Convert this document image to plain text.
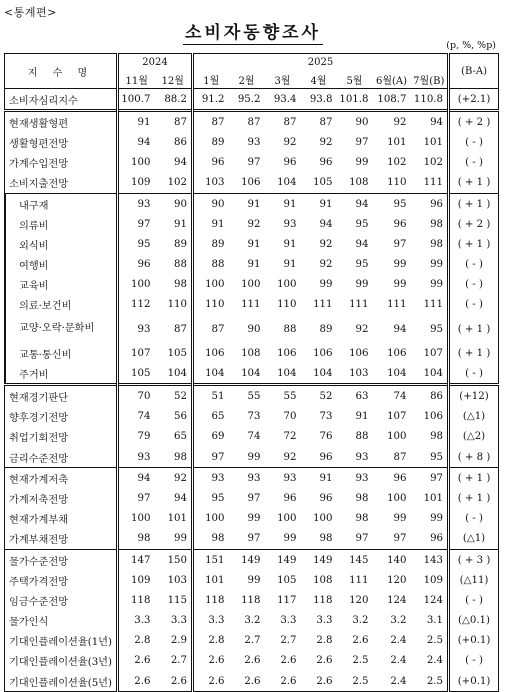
<통계편>
소비자동향조사
(p, %, %p)
지 수 명	2024		2025							(B-A)
	11월	12월	1월	2월	3월	4월	5월	6월(A)	7월(B)	
소비자심리지수	100.7	88.2	91.2	95.2	93.4	93.8	101.8	108.7	110.8	(+2.1)
현재생활형편	91	87	87	87	87	87	90	92	94	( + 2 )
생활형편전망	94	86	89	93	92	92	97	101	101	( - )
가계수입전망	100	94	96	97	96	96	99	102	102	( - )
소비지출전망	109	102	103	106	104	105	108	110	111	( + 1 )
내구재	93	90	90	91	91	91	94	95	96	( + 1 )
의류비	97	91	91	92	93	94	95	96	98	( + 2 )
외식비	95	89	89	91	91	92	94	97	98	( + 1 )
여행비	96	88	88	91	91	92	95	99	99	( - )
교육비	100	98	100	100	100	99	99	99	99	( - )
의료·보건비	112	110	110	111	110	111	111	111	111	( - )
교양·오락·문화비	93	87	87	90	88	89	92	94	95	( + 1 )
교통·통신비	107	105	106	108	106	106	106	106	107	( + 1 )
주거비	105	104	104	104	104	104	103	104	104	( - )
현재경기판단	70	52	51	55	55	52	63	74	86	(+12)
향후경기전망	74	56	65	73	70	73	91	107	106	(△1)
취업기회전망	79	65	69	74	72	76	88	100	98	(△2)
금리수준전망	93	98	97	99	92	96	93	87	95	( + 8 )
현재가계저축	94	92	93	93	93	91	93	96	97	( + 1 )
가계저축전망	97	94	95	97	96	96	98	100	101	( + 1 )
현재가계부채	100	101	100	99	100	100	98	99	99	( - )
가계부채전망	98	99	98	97	99	98	97	97	96	(△1)
물가수준전망	147	150	151	149	149	149	145	140	143	( + 3 )
주택가격전망	109	103	101	99	105	108	111	120	109	(△11)
임금수준전망	118	115	118	118	117	118	120	124	124	( - )
물가인식	3.3	3.3	3.3	3.2	3.3	3.3	3.2	3.2	3.1	(△0.1)
기대인플레이션율(1년)	2.8	2.9	2.8	2.7	2.7	2.8	2.6	2.4	2.5	(+0.1)
기대인플레이션율(3년)	2.6	2.7	2.6	2.6	2.6	2.6	2.5	2.4	2.4	( - )
기대인플레이션율(5년)	2.6	2.6	2.6	2.6	2.6	2.6	2.5	2.4	2.5	(+0.1)
